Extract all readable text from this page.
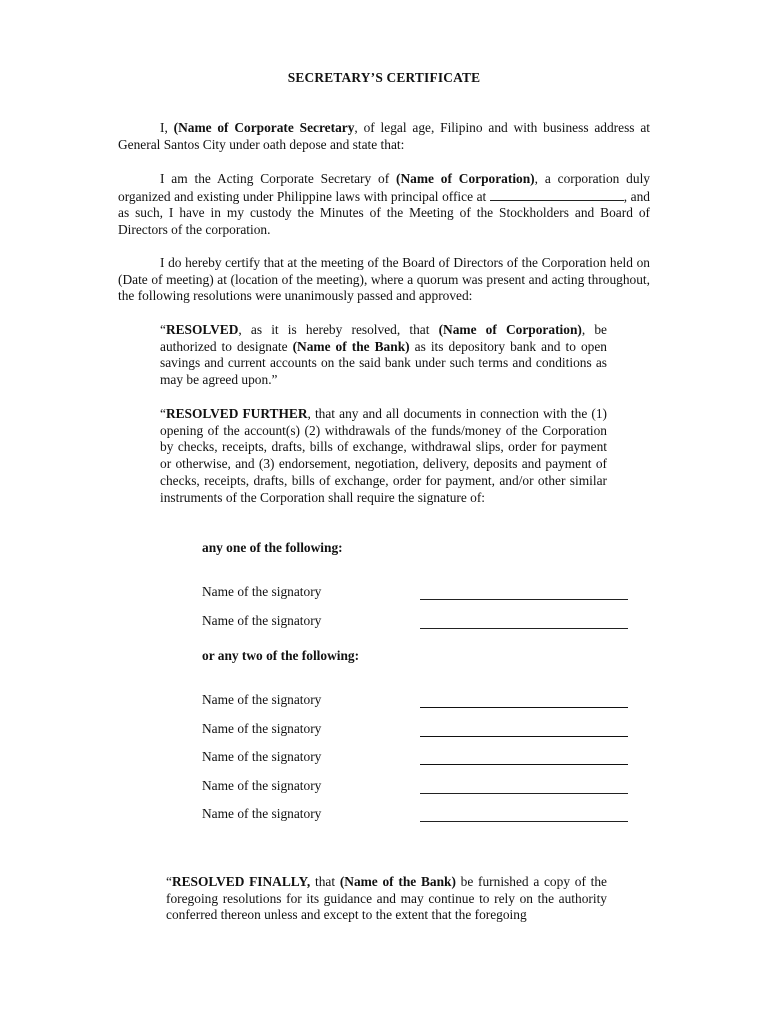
SECRETARY’S CERTIFICATE

I, (Name of Corporate Secretary, of legal age, Filipino and with business address at General Santos City under oath depose and state that:

I am the Acting Corporate Secretary of (Name of Corporation), a corporation duly organized and existing under Philippine laws with principal office at	, and as such, I have in my custody the Minutes of the Meeting of the Stockholders and Board of Directors of the corporation.

I do hereby certify that at the meeting of the Board of Directors of the Corporation held on (Date of meeting) at (location of the meeting), where a quorum was present and acting throughout, the following resolutions were unanimously passed and approved:

“RESOLVED, as it is hereby resolved, that (Name of Corporation), be authorized to designate (Name of the Bank) as its depository bank and to open savings and current accounts on the said bank under such terms and conditions as may be agreed upon.”

“RESOLVED FURTHER, that any and all documents in connection with the (1) opening of the account(s) (2) withdrawals of the funds/money of the Corporation by checks, receipts, drafts, bills of exchange, withdrawal slips, order for payment or otherwise, and (3) endorsement, negotiation, delivery, deposits and payment of checks, receipts, drafts, bills of exchange, order for payment, and/or other similar instruments of the Corporation shall require the signature of:

any one of the following:

Name of the signatory
Name of the signatory

or any two of the following:

Name of the signatory
Name of the signatory
Name of the signatory
Name of the signatory
Name of the signatory

“RESOLVED FINALLY, that (Name of the Bank) be furnished a copy of the foregoing resolutions for its guidance and may continue to rely on the authority conferred thereon unless and except to the extent that the foregoing
